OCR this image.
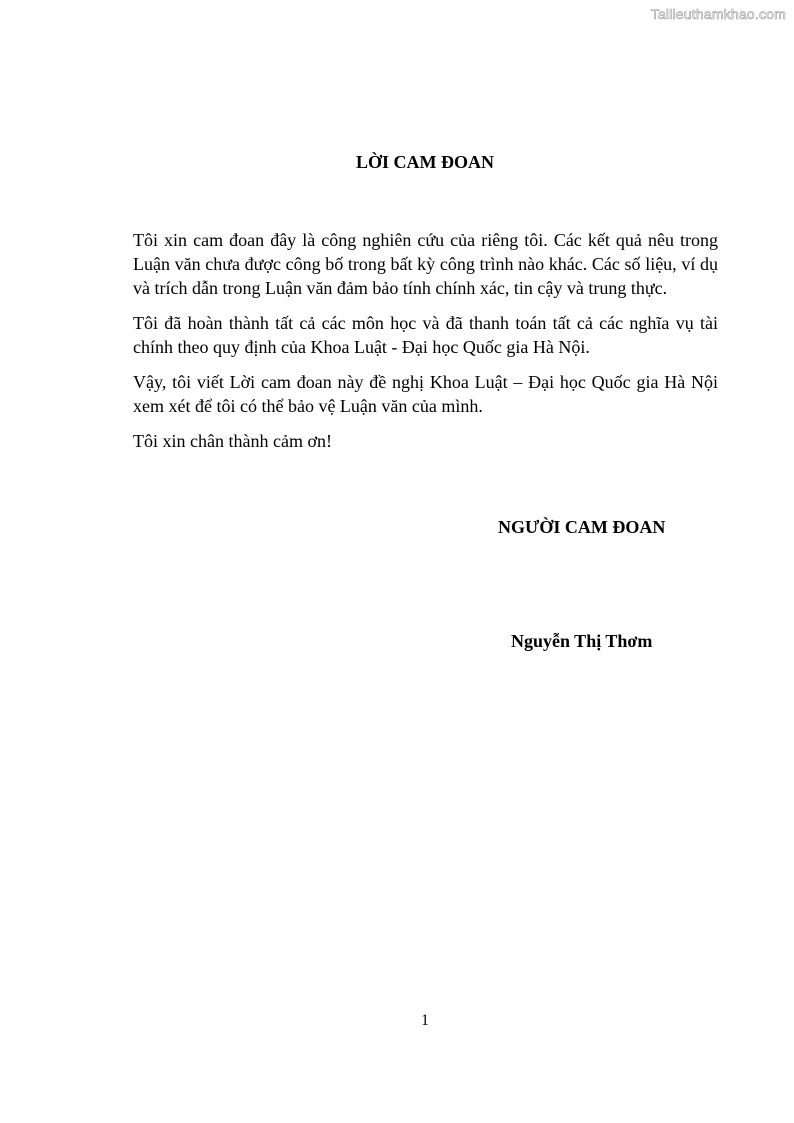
Tailieuthamkhao.com
LỜI CAM ĐOAN

Tôi xin cam đoan đây là công nghiên cứu của riêng tôi. Các kết quả nêu trong Luận văn chưa được công bố trong bất kỳ công trình nào khác. Các số liệu, ví dụ và trích dẫn trong Luận văn đảm bảo tính chính xác, tin cậy và trung thực.

Tôi đã hoàn thành tất cả các môn học và đã thanh toán tất cả các nghĩa vụ tài chính theo quy định của Khoa Luật - Đại học Quốc gia Hà Nội.

Vậy, tôi viết Lời cam đoan này đề nghị Khoa Luật – Đại học Quốc gia Hà Nội xem xét để tôi có thể bảo vệ Luận văn của mình.

Tôi xin chân thành cảm ơn!

NGƯỜI CAM ĐOAN
Nguyễn Thị Thơm
1
